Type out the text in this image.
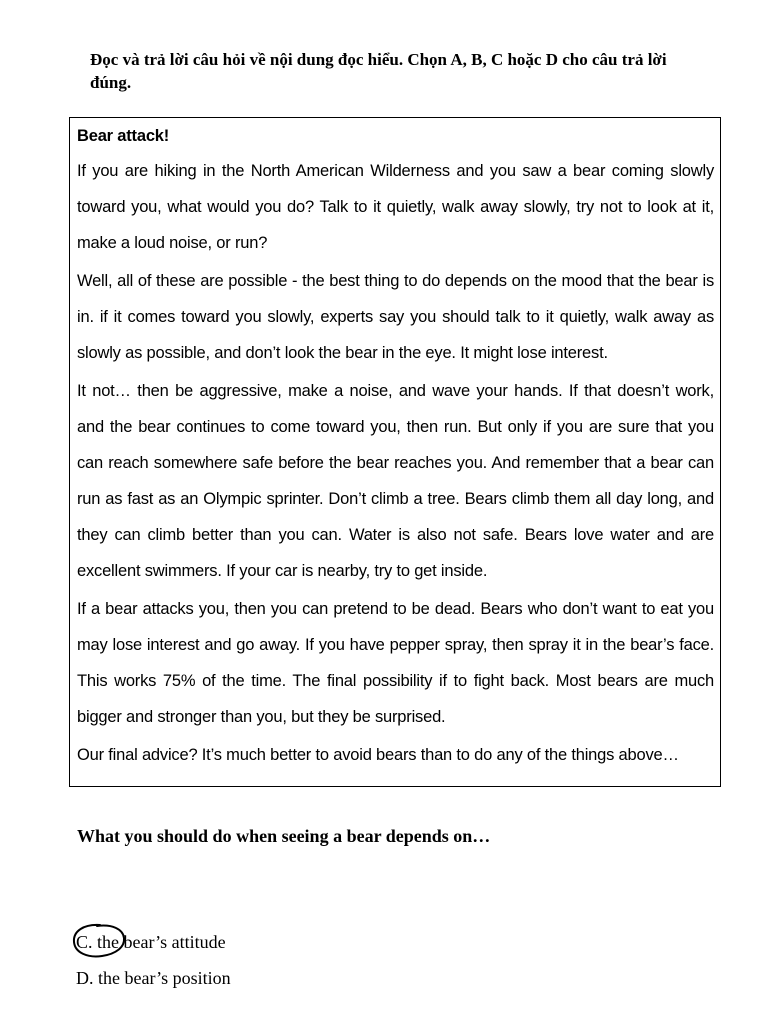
Đọc và trả lời câu hỏi về nội dung đọc hiểu. Chọn A, B, C hoặc D cho câu trả lời đúng.

Bear attack!

If you are hiking in the North American Wilderness and you saw a bear coming slowly toward you, what would you do? Talk to it quietly, walk away slowly, try not to look at it, make a loud noise, or run?

Well, all of these are possible - the best thing to do depends on the mood that the bear is in. if it comes toward you slowly, experts say you should talk to it quietly, walk away as slowly as possible, and don’t look the bear in the eye. It might lose interest.

It not… then be aggressive, make a noise, and wave your hands. If that doesn’t work, and the bear continues to come toward you, then run. But only if you are sure that you can reach somewhere safe before the bear reaches you. And remember that a bear can run as fast as an Olympic sprinter. Don’t climb a tree. Bears climb them all day long, and they can climb better than you can. Water is also not safe. Bears love water and are excellent swimmers. If your car is nearby, try to get inside.

If a bear attacks you, then you can pretend to be dead. Bears who don’t want to eat you may lose interest and go away. If you have pepper spray, then spray it in the bear’s face. This works 75% of the time. The final possibility if to fight back. Most bears are much bigger and stronger than you, but they be surprised.

Our final advice? It’s much better to avoid bears than to do any of the things above…

What you should do when seeing a bear depends on…

C. the bear’s attitude

D. the bear’s position
